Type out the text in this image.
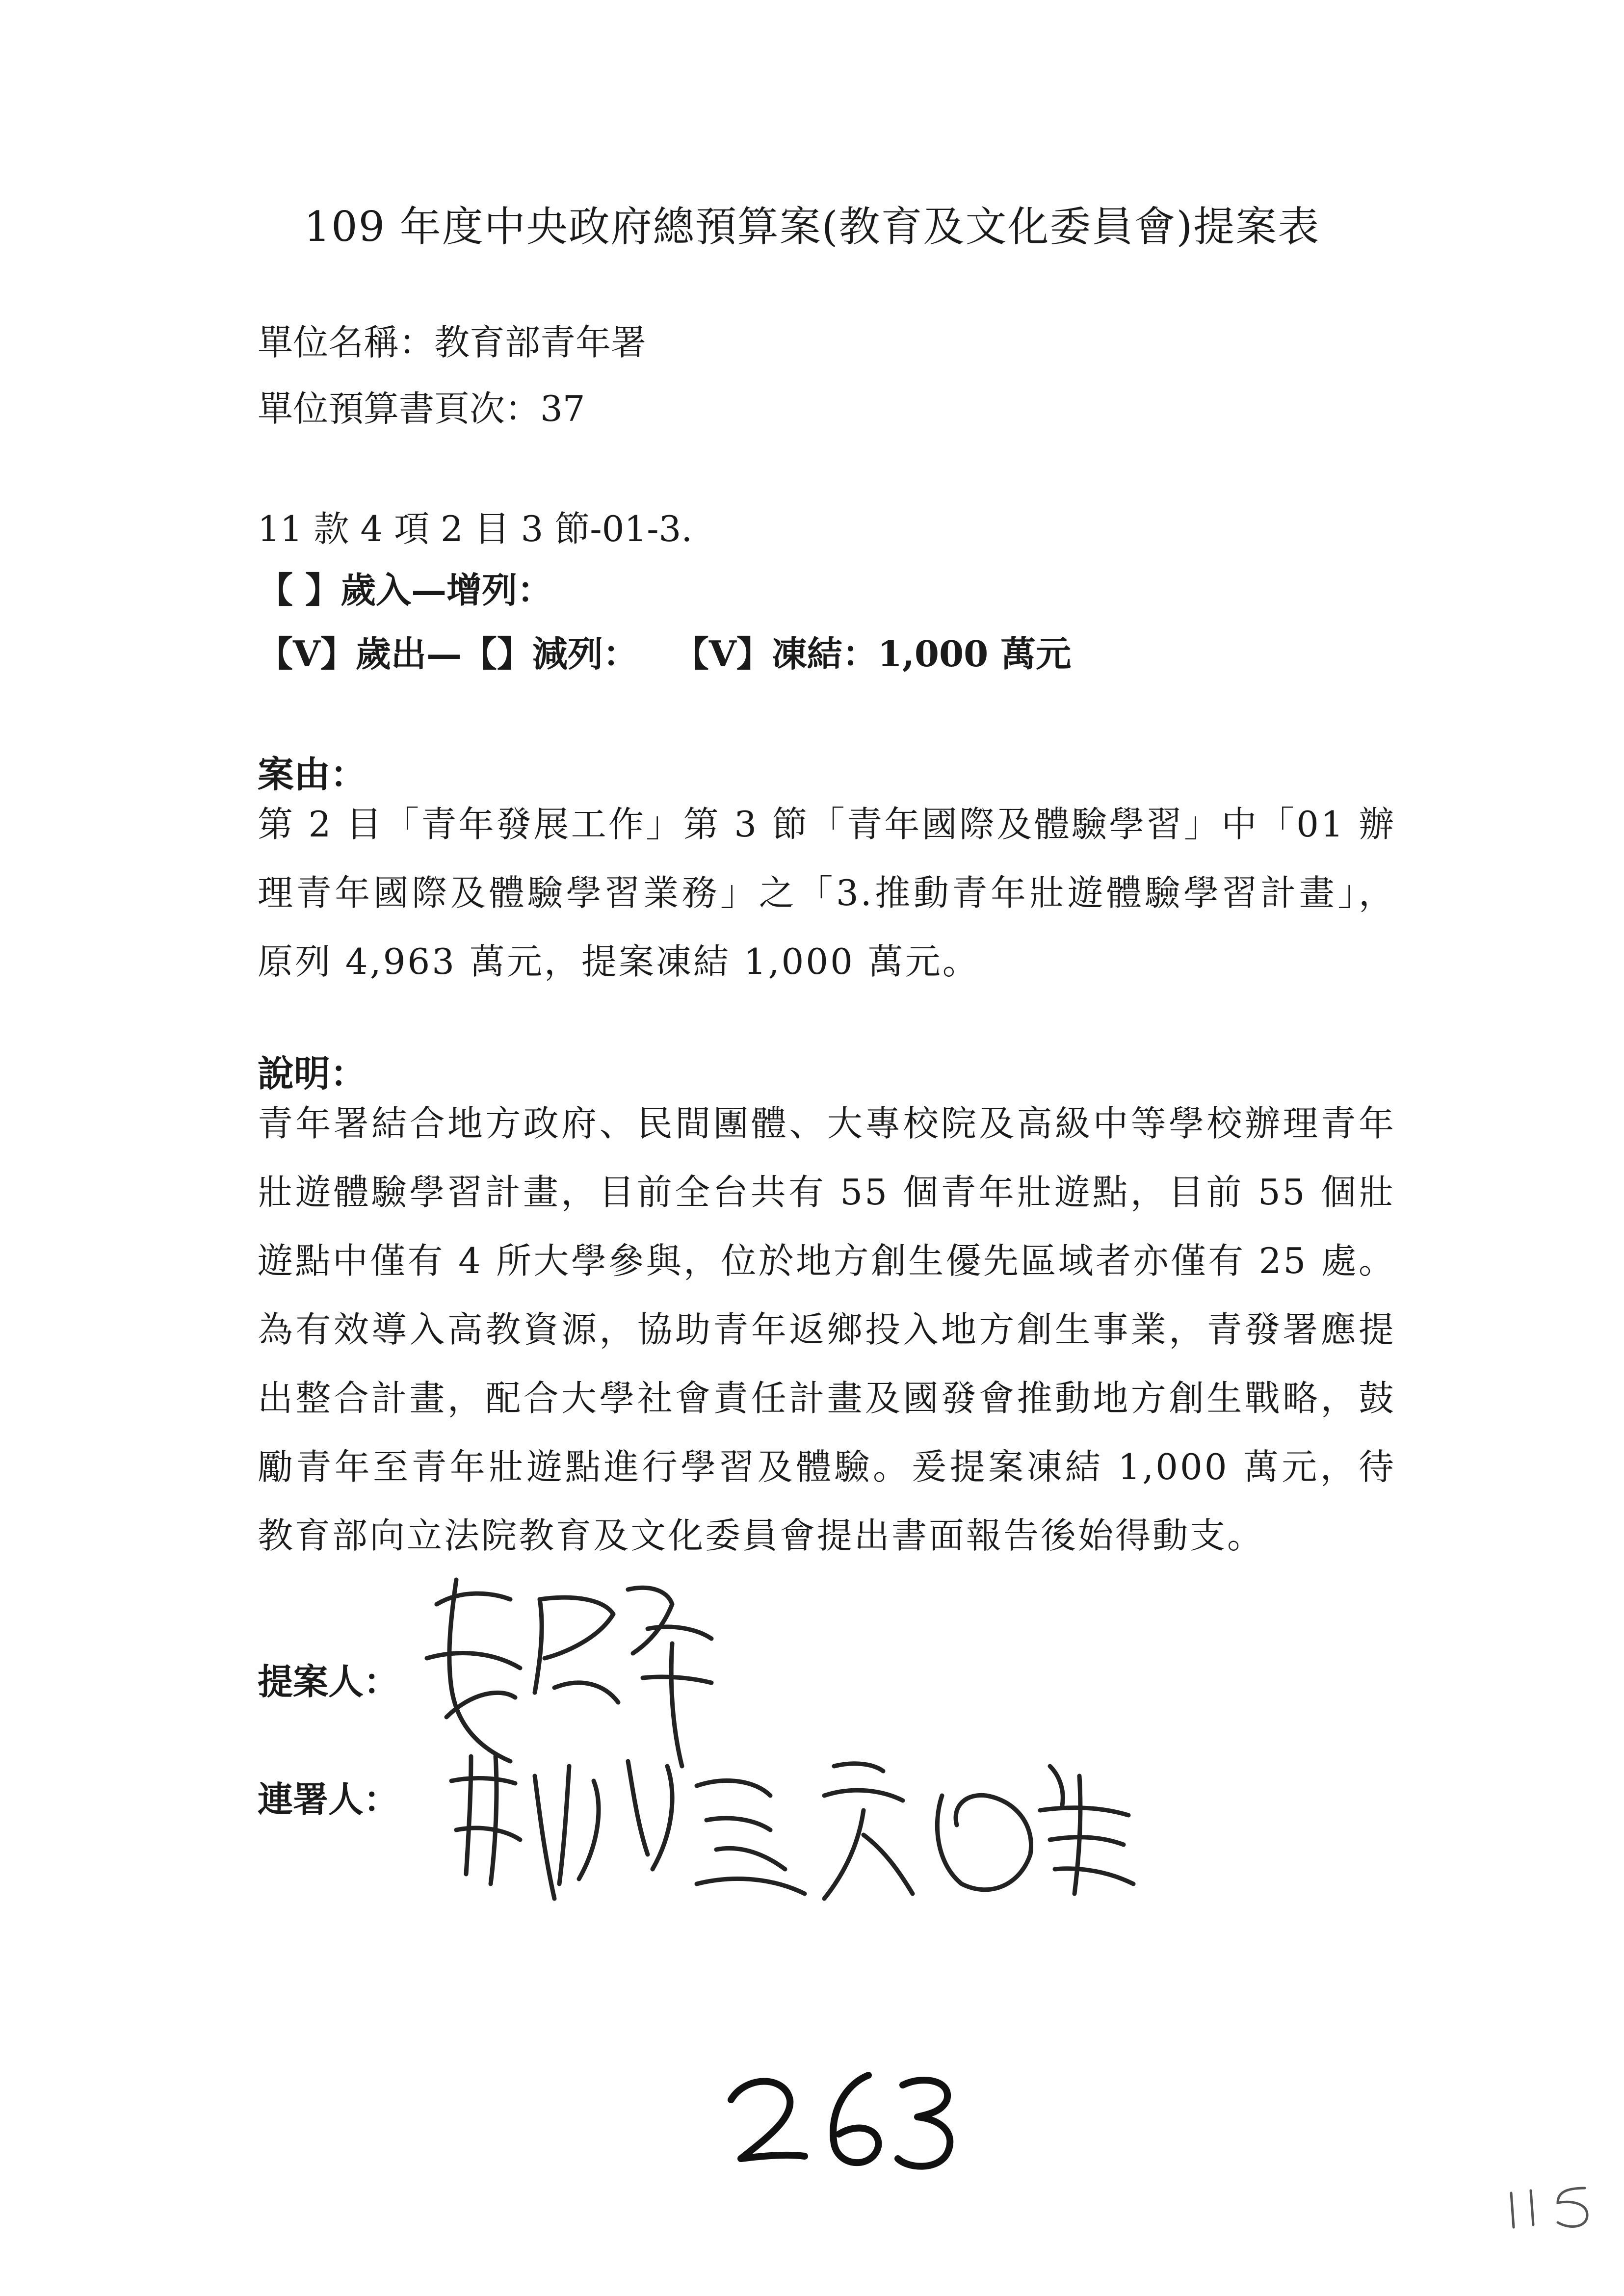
109 年度中央政府總預算案(教育及文化委員會)提案表
單位名稱：教育部青年署
單位預算書頁次：37
11 款 4 項 2 目 3 節-01-3.
【 】歲入—增列：
【V】歲出—【】減列：　　【V】凍結：1,000 萬元
案由：
第 2 目「青年發展工作」第 3 節「青年國際及體驗學習」中「01 辦理青年國際及體驗學習業務」之「3.推動青年壯遊體驗學習計畫」，原列 4,963 萬元，提案凍結 1,000 萬元。
說明：
青年署結合地方政府、民間團體、大專校院及高級中等學校辦理青年壯遊體驗學習計畫，目前全台共有 55 個青年壯遊點，目前 55 個壯遊點中僅有 4 所大學參與，位於地方創生優先區域者亦僅有 25 處。為有效導入高教資源，協助青年返鄉投入地方創生事業，青發署應提出整合計畫，配合大學社會責任計畫及國發會推動地方創生戰略，鼓勵青年至青年壯遊點進行學習及體驗。爰提案凍結 1,000 萬元，待教育部向立法院教育及文化委員會提出書面報告後始得動支。
提案人：
連署人：
